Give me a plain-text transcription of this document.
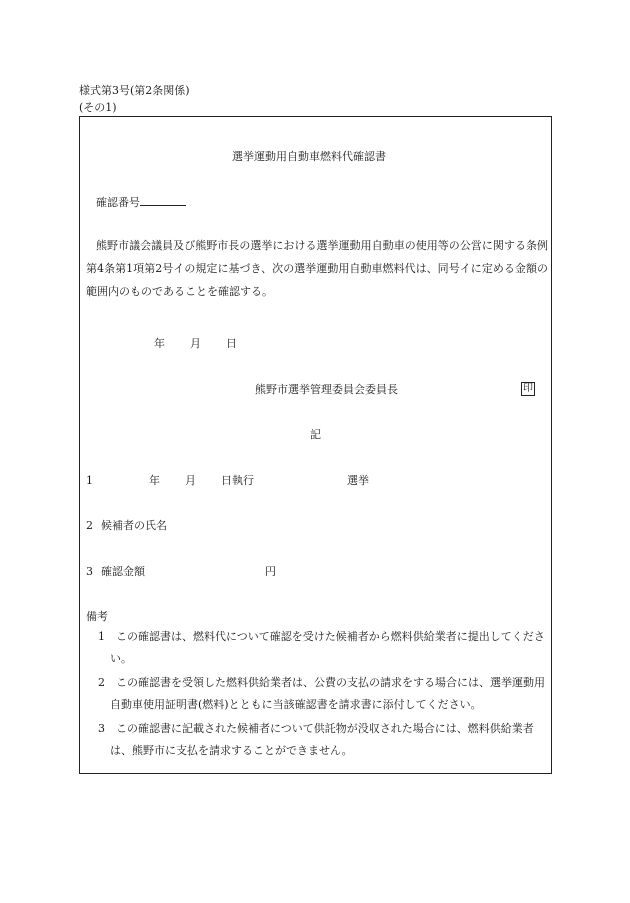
様式第3号(第2条関係)
(その1)
選挙運動用自動車燃料代確認書
確認番号
熊野市議会議員及び熊野市長の選挙における選挙運動用自動車の使用等の公営に関する条例第4条第1項第2号イの規定に基づき、次の選挙運動用自動車燃料代は、同号イに定める金額の範囲内のものであることを確認する。
年 月 日
熊野市選挙管理委員会委員長	印
記
1	年 月 日執行	選挙
2 候補者の氏名
3 確認金額	円
備考
1　この確認書は、燃料代について確認を受けた候補者から燃料供給業者に提出してください。
2　この確認書を受領した燃料供給業者は、公費の支払の請求をする場合には、選挙運動用自動車使用証明書(燃料)とともに当該確認書を請求書に添付してください。
3　この確認書に記載された候補者について供託物が没収された場合には、燃料供給業者は、熊野市に支払を請求することができません。
